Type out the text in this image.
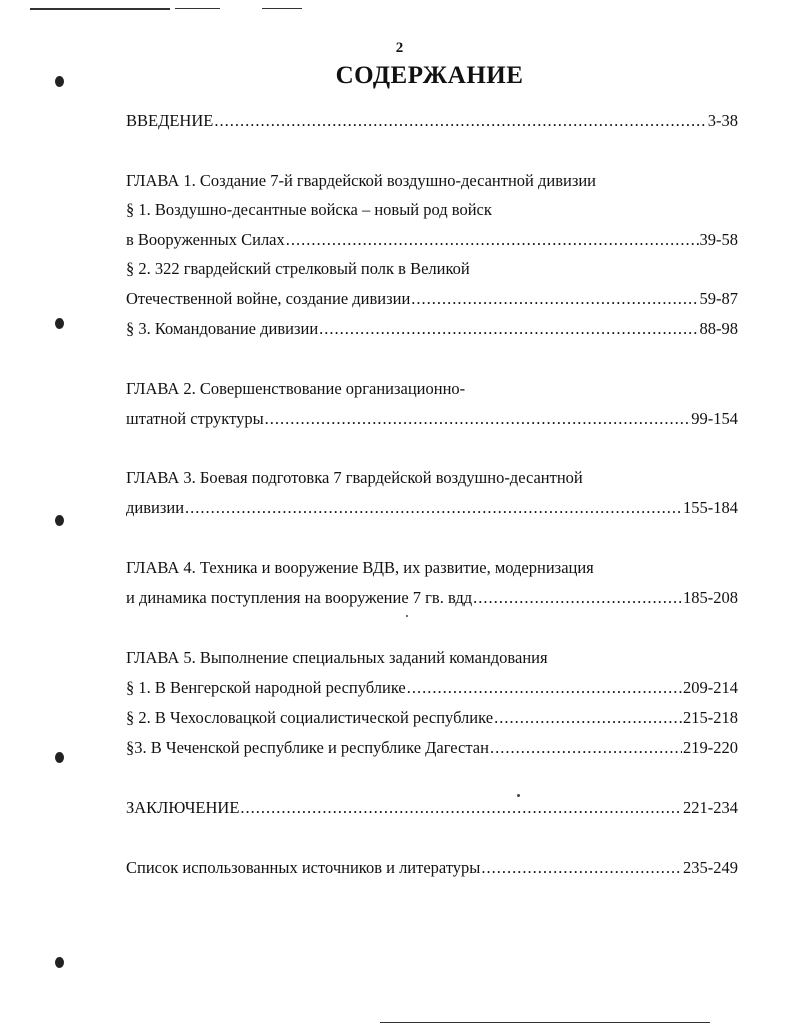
2
СОДЕРЖАНИЕ
ВВЕДЕНИЕ .....	3-38
ГЛАВА 1. Создание 7-й гвардейской воздушно-десантной дивизии
§ 1. Воздушно-десантные войска – новый род войск
в Вооруженных Силах .....	39-58
§ 2. 322 гвардейский стрелковый полк в Великой
Отечественной войне, создание дивизии .....	59-87
§ 3. Командование дивизии .....	88-98
ГЛАВА 2. Совершенствование организационно-
штатной структуры .....	99-154
ГЛАВА 3. Боевая подготовка 7 гвардейской воздушно-десантной
дивизии .....	155-184
ГЛАВА 4. Техника и вооружение ВДВ, их развитие, модернизация
и динамика поступления на вооружение 7 гв. вдд .....	185-208
ГЛАВА 5. Выполнение специальных заданий командования
§ 1. В Венгерской народной республике .....	209-214
§ 2. В Чехословацкой социалистической республике .....	215-218
§3. В Чеченской республике и республике Дагестан .....	219-220
ЗАКЛЮЧЕНИЕ .....	221-234
Список использованных источников и литературы .....	235-249
